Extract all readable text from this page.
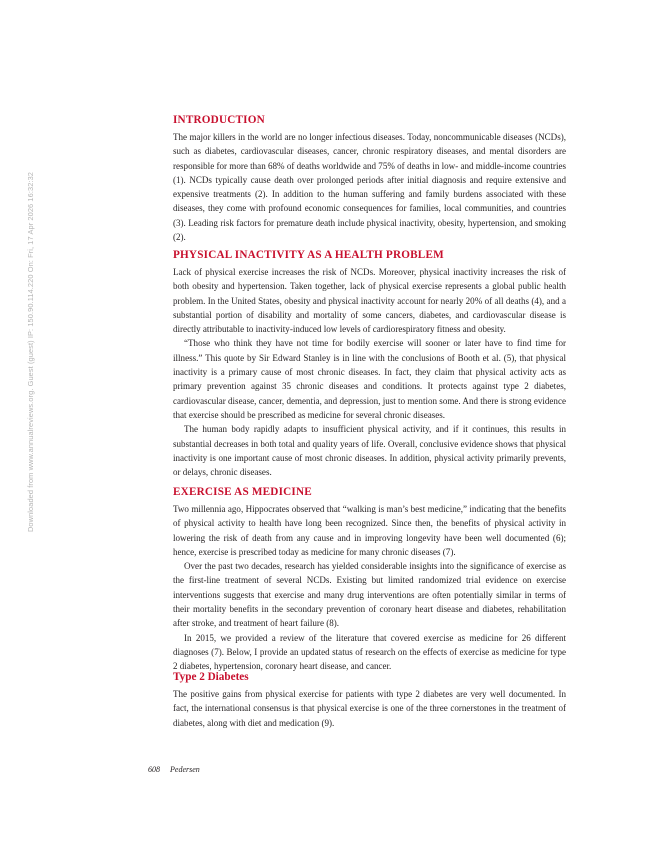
Downloaded from www.annualreviews.org. Guest (guest) IP: 150.90.114.220 On: Fri, 17 Apr 2026 16:32:32
INTRODUCTION

The major killers in the world are no longer infectious diseases. Today, noncommunicable diseases (NCDs), such as diabetes, cardiovascular diseases, cancer, chronic respiratory diseases, and mental disorders are responsible for more than 68% of deaths worldwide and 75% of deaths in low- and middle-income countries (1). NCDs typically cause death over prolonged periods after initial diagnosis and require extensive and expensive treatments (2). In addition to the human suffering and family burdens associated with these diseases, they come with profound economic consequences for families, local communities, and countries (3). Leading risk factors for premature death include physical inactivity, obesity, hypertension, and smoking (2).

PHYSICAL INACTIVITY AS A HEALTH PROBLEM

Lack of physical exercise increases the risk of NCDs. Moreover, physical inactivity increases the risk of both obesity and hypertension. Taken together, lack of physical exercise represents a global public health problem. In the United States, obesity and physical inactivity account for nearly 20% of all deaths (4), and a substantial portion of disability and mortality of some cancers, diabetes, and cardiovascular disease is directly attributable to inactivity-induced low levels of cardiorespiratory fitness and obesity.

“Those who think they have not time for bodily exercise will sooner or later have to find time for illness.” This quote by Sir Edward Stanley is in line with the conclusions of Booth et al. (5), that physical inactivity is a primary cause of most chronic diseases. In fact, they claim that physical activity acts as primary prevention against 35 chronic diseases and conditions. It protects against type 2 diabetes, cardiovascular disease, cancer, dementia, and depression, just to mention some. And there is strong evidence that exercise should be prescribed as medicine for several chronic diseases.

The human body rapidly adapts to insufficient physical activity, and if it continues, this results in substantial decreases in both total and quality years of life. Overall, conclusive evidence shows that physical inactivity is one important cause of most chronic diseases. In addition, physical activity primarily prevents, or delays, chronic diseases.

EXERCISE AS MEDICINE

Two millennia ago, Hippocrates observed that “walking is man’s best medicine,” indicating that the benefits of physical activity to health have long been recognized. Since then, the benefits of physical activity in lowering the risk of death from any cause and in improving longevity have been well documented (6); hence, exercise is prescribed today as medicine for many chronic diseases (7).

Over the past two decades, research has yielded considerable insights into the significance of exercise as the first-line treatment of several NCDs. Existing but limited randomized trial evidence on exercise interventions suggests that exercise and many drug interventions are often potentially similar in terms of their mortality benefits in the secondary prevention of coronary heart disease and diabetes, rehabilitation after stroke, and treatment of heart failure (8).

In 2015, we provided a review of the literature that covered exercise as medicine for 26 different diagnoses (7). Below, I provide an updated status of research on the effects of exercise as medicine for type 2 diabetes, hypertension, coronary heart disease, and cancer.

Type 2 Diabetes

The positive gains from physical exercise for patients with type 2 diabetes are very well documented. In fact, the international consensus is that physical exercise is one of the three cornerstones in the treatment of diabetes, along with diet and medication (9).

608 Pedersen
